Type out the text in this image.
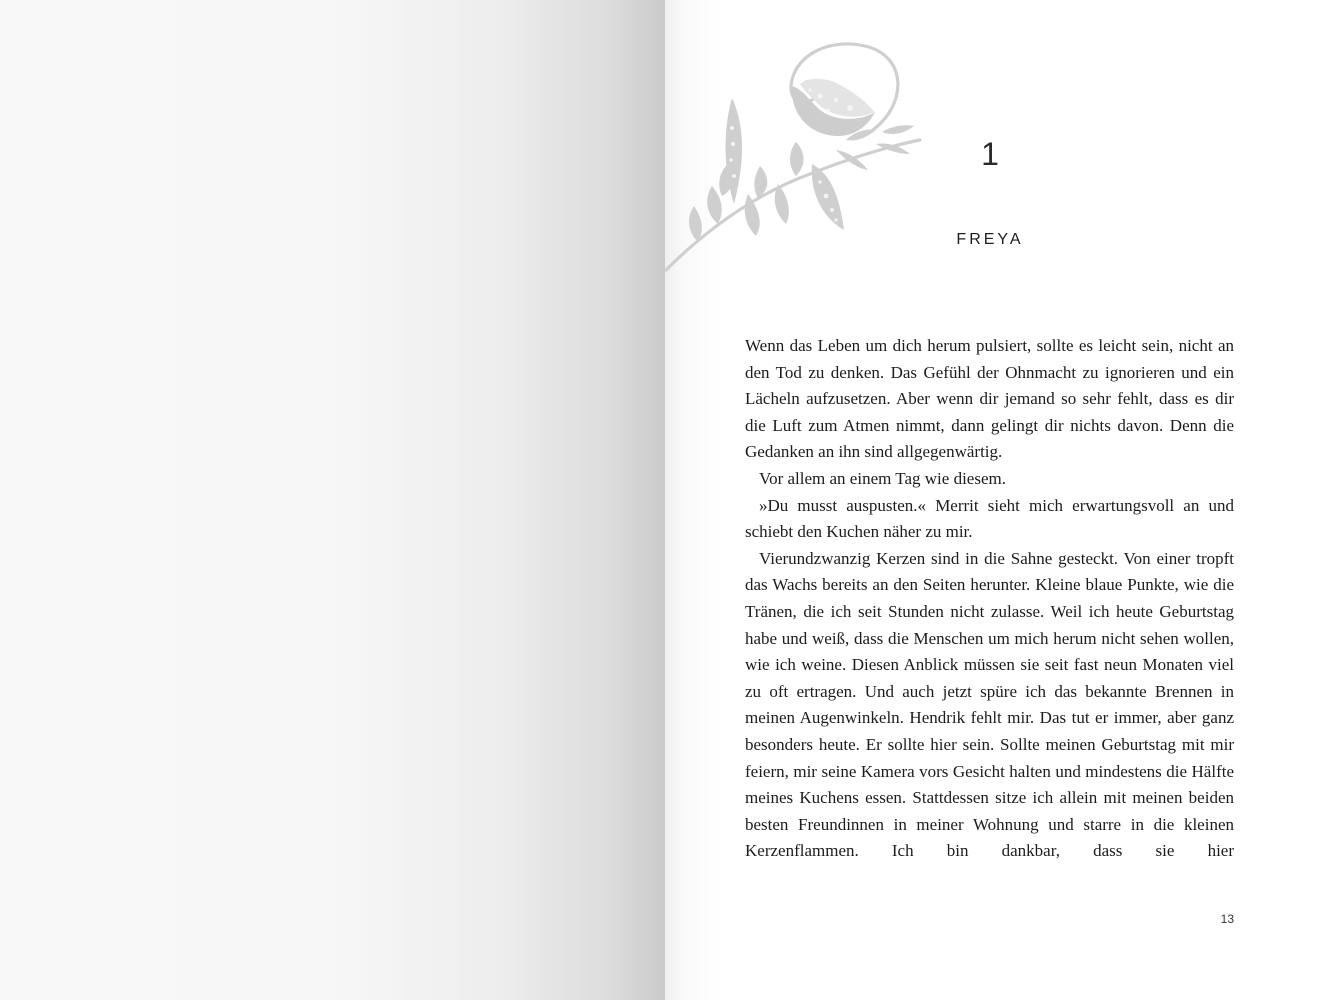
1
FREYA

Wenn das Leben um dich herum pulsiert, sollte es leicht sein, nicht an den Tod zu denken. Das Gefühl der Ohnmacht zu ignorieren und ein Lächeln aufzusetzen. Aber wenn dir jemand so sehr fehlt, dass es dir die Luft zum Atmen nimmt, dann gelingt dir nichts davon. Denn die Gedanken an ihn sind allgegenwärtig.

Vor allem an einem Tag wie diesem.

»Du musst auspusten.« Merrit sieht mich erwartungsvoll an und schiebt den Kuchen näher zu mir.

Vierundzwanzig Kerzen sind in die Sahne gesteckt. Von einer tropft das Wachs bereits an den Seiten herunter. Kleine blaue Punkte, wie die Tränen, die ich seit Stunden nicht zulasse. Weil ich heute Geburtstag habe und weiß, dass die Menschen um mich herum nicht sehen wollen, wie ich weine. Diesen Anblick müssen sie seit fast neun Monaten viel zu oft ertragen. Und auch jetzt spüre ich das bekannte Brennen in meinen Augenwinkeln. Hendrik fehlt mir. Das tut er immer, aber ganz besonders heute. Er sollte hier sein. Sollte meinen Geburtstag mit mir feiern, mir seine Kamera vors Gesicht halten und mindestens die Hälfte meines Kuchens essen. Stattdessen sitze ich allein mit meinen beiden besten Freundinnen in meiner Wohnung und starre in die kleinen Kerzenflammen. Ich bin dankbar, dass sie hier

13
